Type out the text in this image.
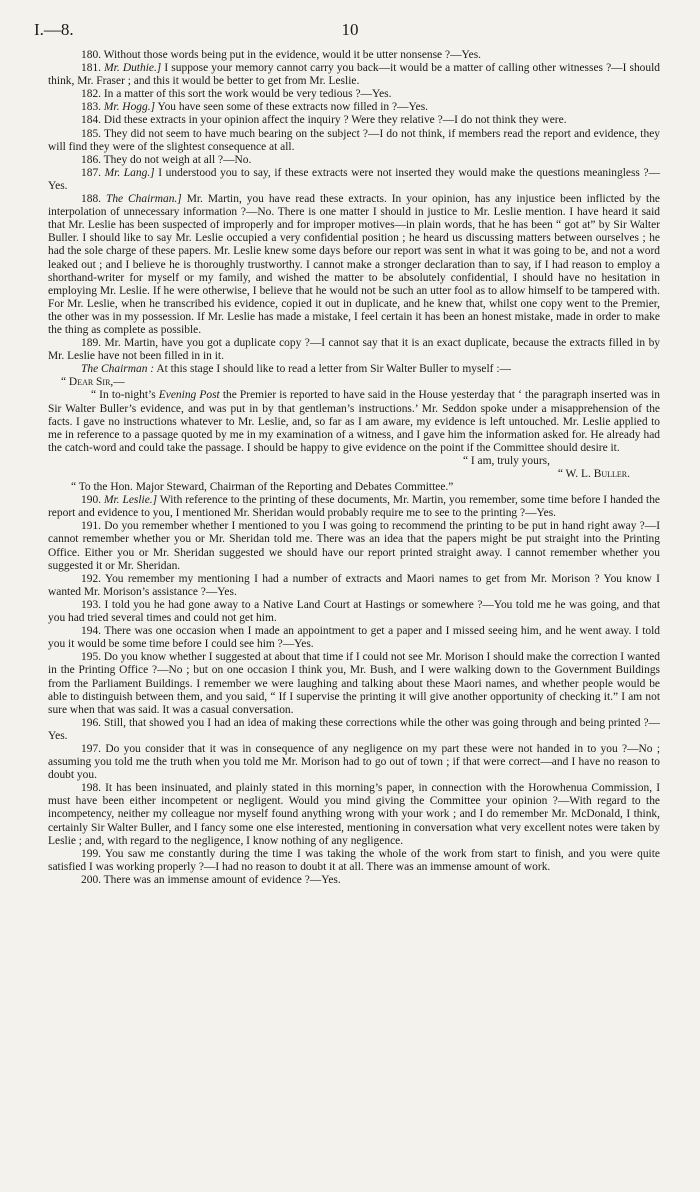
I.—8.	10
180. Without those words being put in the evidence, would it be utter nonsense ?—Yes.
181. Mr. Duthie.] I suppose your memory cannot carry you back—it would be a matter of calling other witnesses ?—I should think, Mr. Fraser ; and this it would be better to get from Mr. Leslie.
182. In a matter of this sort the work would be very tedious ?—Yes.
183. Mr. Hogg.] You have seen some of these extracts now filled in ?—Yes.
184. Did these extracts in your opinion affect the inquiry ? Were they relative ?—I do not think they were.
185. They did not seem to have much bearing on the subject ?—I do not think, if members read the report and evidence, they will find they were of the slightest consequence at all.
186. They do not weigh at all ?—No.
187. Mr. Lang.] I understood you to say, if these extracts were not inserted they would make the questions meaningless ?—Yes.
188. The Chairman.] Mr. Martin, you have read these extracts. In your opinion, has any injustice been inflicted by the interpolation of unnecessary information ?—No. There is one matter I should in justice to Mr. Leslie mention. I have heard it said that Mr. Leslie has been suspected of improperly and for improper motives—in plain words, that he has been “ got at” by Sir Walter Buller. I should like to say Mr. Leslie occupied a very confidential position ; he heard us discussing matters between ourselves ; he had the sole charge of these papers. Mr. Leslie knew some days before our report was sent in what it was going to be, and not a word leaked out ; and I believe he is thoroughly trustworthy. I cannot make a stronger declaration than to say, if I had reason to employ a shorthand-writer for myself or my family, and wished the matter to be absolutely confidential, I should have no hesitation in employing Mr. Leslie. If he were otherwise, I believe that he would not be such an utter fool as to allow himself to be tampered with. For Mr. Leslie, when he transcribed his evidence, copied it out in duplicate, and he knew that, whilst one copy went to the Premier, the other was in my possession. If Mr. Leslie has made a mistake, I feel certain it has been an honest mistake, made in order to make the thing as complete as possible.
189. Mr. Martin, have you got a duplicate copy ?—I cannot say that it is an exact duplicate, because the extracts filled in by Mr. Leslie have not been filled in in it.
The Chairman : At this stage I should like to read a letter from Sir Walter Buller to myself :—
“ Dear Sir,—
“ In to-night’s Evening Post the Premier is reported to have said in the House yesterday that ‘ the paragraph inserted was in Sir Walter Buller’s evidence, and was put in by that gentleman’s instructions.’ Mr. Seddon spoke under a misapprehension of the facts. I gave no instructions whatever to Mr. Leslie, and, so far as I am aware, my evidence is left untouched. Mr. Leslie applied to me in reference to a passage quoted by me in my examination of a witness, and I gave him the information asked for. He already had the catch-word and could take the passage. I should be happy to give evidence on the point if the Committee should desire it.
“ I am, truly yours,
“ W. L. Buller.
“ To the Hon. Major Steward, Chairman of the Reporting and Debates Committee.”
190. Mr. Leslie.] With reference to the printing of these documents, Mr. Martin, you remember, some time before I handed the report and evidence to you, I mentioned Mr. Sheridan would probably require me to see to the printing ?—Yes.
191. Do you remember whether I mentioned to you I was going to recommend the printing to be put in hand right away ?—I cannot remember whether you or Mr. Sheridan told me. There was an idea that the papers might be put straight into the Printing Office. Either you or Mr. Sheridan suggested we should have our report printed straight away. I cannot remember whether you suggested it or Mr. Sheridan.
192. You remember my mentioning I had a number of extracts and Maori names to get from Mr. Morison ? You know I wanted Mr. Morison’s assistance ?—Yes.
193. I told you he had gone away to a Native Land Court at Hastings or somewhere ?—You told me he was going, and that you had tried several times and could not get him.
194. There was one occasion when I made an appointment to get a paper and I missed seeing him, and he went away. I told you it would be some time before I could see him ?—Yes.
195. Do you know whether I suggested at about that time if I could not see Mr. Morison I should make the correction I wanted in the Printing Office ?—No ; but on one occasion I think you, Mr. Bush, and I were walking down to the Government Buildings from the Parliament Buildings. I remember we were laughing and talking about these Maori names, and whether people would be able to distinguish between them, and you said, “ If I supervise the printing it will give another opportunity of checking it.” I am not sure when that was said. It was a casual conversation.
196. Still, that showed you I had an idea of making these corrections while the other was going through and being printed ?—Yes.
197. Do you consider that it was in consequence of any negligence on my part these were not handed in to you ?—No ; assuming you told me the truth when you told me Mr. Morison had to go out of town ; if that were correct—and I have no reason to doubt you.
198. It has been insinuated, and plainly stated in this morning’s paper, in connection with the Horowhenua Commission, I must have been either incompetent or negligent. Would you mind giving the Committee your opinion ?—With regard to the incompetency, neither my colleague nor myself found anything wrong with your work ; and I do remember Mr. McDonald, I think, certainly Sir Walter Buller, and I fancy some one else interested, mentioning in conversation what very excellent notes were taken by Leslie ; and, with regard to the negligence, I know nothing of any negligence.
199. You saw me constantly during the time I was taking the whole of the work from start to finish, and you were quite satisfied I was working properly ?—I had no reason to doubt it at all. There was an immense amount of work.
200. There was an immense amount of evidence ?—Yes.
